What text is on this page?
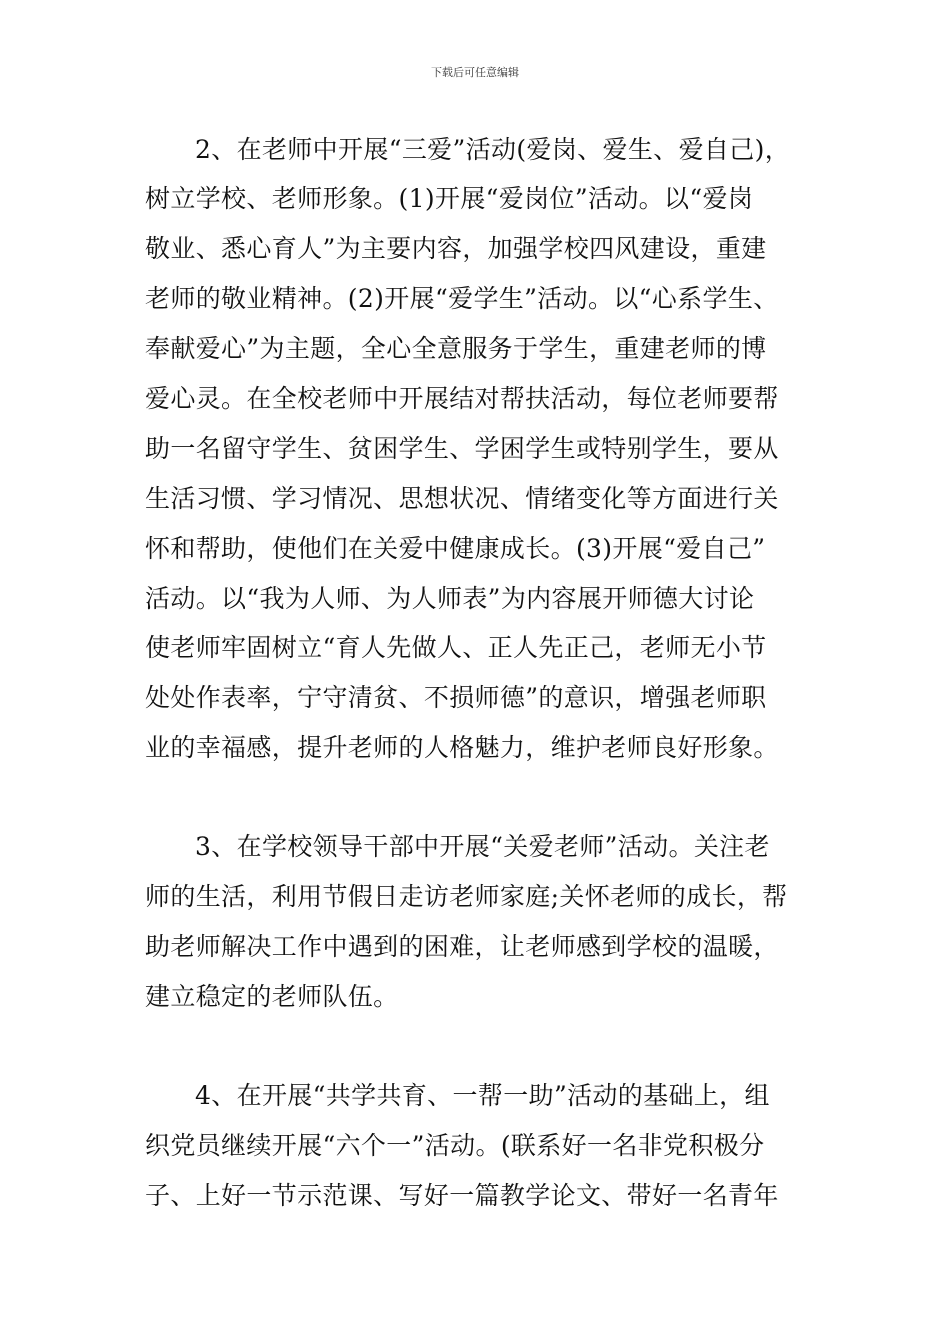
下载后可任意编辑
2、在老师中开展“三爱”活动(爱岗、爱生、爱自己)，
树立学校、老师形象。(1)开展“爱岗位”活动。以“爱岗
敬业、悉心育人”为主要内容，加强学校四风建设，重建
老师的敬业精神。(2)开展“爱学生”活动。以“心系学生、
奉献爱心”为主题，全心全意服务于学生，重建老师的博
爱心灵。在全校老师中开展结对帮扶活动，每位老师要帮
助一名留守学生、贫困学生、学困学生或特别学生，要从
生活习惯、学习情况、思想状况、情绪变化等方面进行关
怀和帮助，使他们在关爱中健康成长。(3)开展“爱自己”
活动。以“我为人师、为人师表”为内容展开师德大讨论
使老师牢固树立“育人先做人、正人先正己，老师无小节
处处作表率，宁守清贫、不损师德”的意识，增强老师职
业的幸福感，提升老师的人格魅力，维护老师良好形象。
3、在学校领导干部中开展“关爱老师”活动。关注老
师的生活，利用节假日走访老师家庭;关怀老师的成长，帮
助老师解决工作中遇到的困难，让老师感到学校的温暖，
建立稳定的老师队伍。
4、在开展“共学共育、一帮一助”活动的基础上，组
织党员继续开展“六个一”活动。(联系好一名非党积极分
子、上好一节示范课、写好一篇教学论文、带好一名青年
